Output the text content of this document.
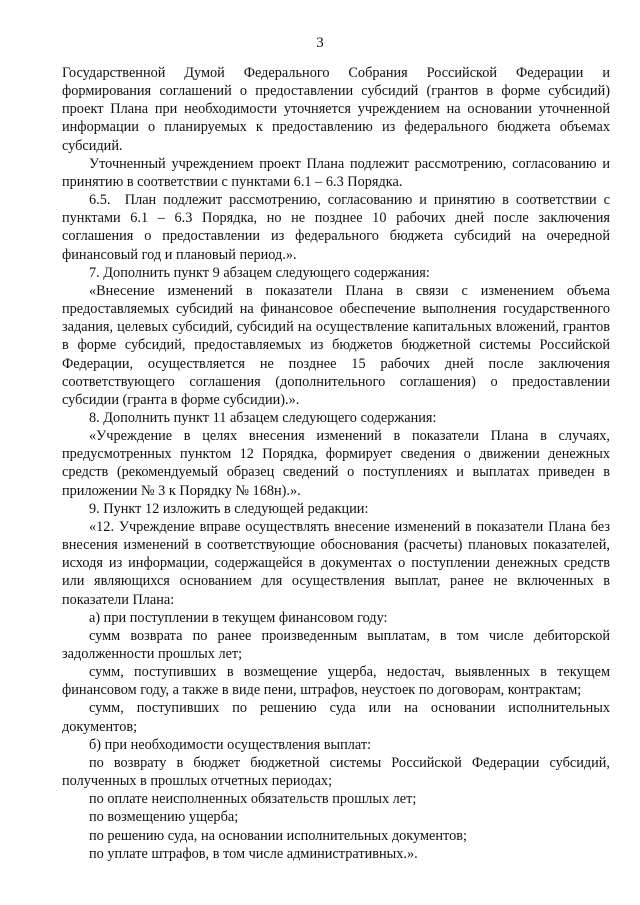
3

Государственной Думой Федерального Собрания Российской Федерации и формирования соглашений о предоставлении субсидий (грантов в форме субсидий) проект Плана при необходимости уточняется учреждением на основании уточненной информации о планируемых к предоставлению из федерального бюджета объемах субсидий.

Уточненный учреждением проект Плана подлежит рассмотрению, согласованию и принятию в соответствии с пунктами 6.1 – 6.3 Порядка.

6.5. План подлежит рассмотрению, согласованию и принятию в соответствии с пунктами 6.1 – 6.3 Порядка, но не позднее 10 рабочих дней после заключения соглашения о предоставлении из федерального бюджета субсидий на очередной финансовый год и плановый период.».

7. Дополнить пункт 9 абзацем следующего содержания:

«Внесение изменений в показатели Плана в связи с изменением объема предоставляемых субсидий на финансовое обеспечение выполнения государственного задания, целевых субсидий, субсидий на осуществление капитальных вложений, грантов в форме субсидий, предоставляемых из бюджетов бюджетной системы Российской Федерации, осуществляется не позднее 15 рабочих дней после заключения соответствующего соглашения (дополнительного соглашения) о предоставлении субсидии (гранта в форме субсидии).».

8. Дополнить пункт 11 абзацем следующего содержания:

«Учреждение в целях внесения изменений в показатели Плана в случаях, предусмотренных пунктом 12 Порядка, формирует сведения о движении денежных средств (рекомендуемый образец сведений о поступлениях и выплатах приведен в приложении № 3 к Порядку № 168н).».

9. Пункт 12 изложить в следующей редакции:

«12. Учреждение вправе осуществлять внесение изменений в показатели Плана без внесения изменений в соответствующие обоснования (расчеты) плановых показателей, исходя из информации, содержащейся в документах о поступлении денежных средств или являющихся основанием для осуществления выплат, ранее не включенных в показатели Плана:

а) при поступлении в текущем финансовом году:

сумм возврата по ранее произведенным выплатам, в том числе дебиторской задолженности прошлых лет;

сумм, поступивших в возмещение ущерба, недостач, выявленных в текущем финансовом году, а также в виде пени, штрафов, неустоек по договорам, контрактам;

сумм, поступивших по решению суда или на основании исполнительных документов;

б) при необходимости осуществления выплат:

по возврату в бюджет бюджетной системы Российской Федерации субсидий, полученных в прошлых отчетных периодах;

по оплате неисполненных обязательств прошлых лет;

по возмещению ущерба;

по решению суда, на основании исполнительных документов;

по уплате штрафов, в том числе административных.».
